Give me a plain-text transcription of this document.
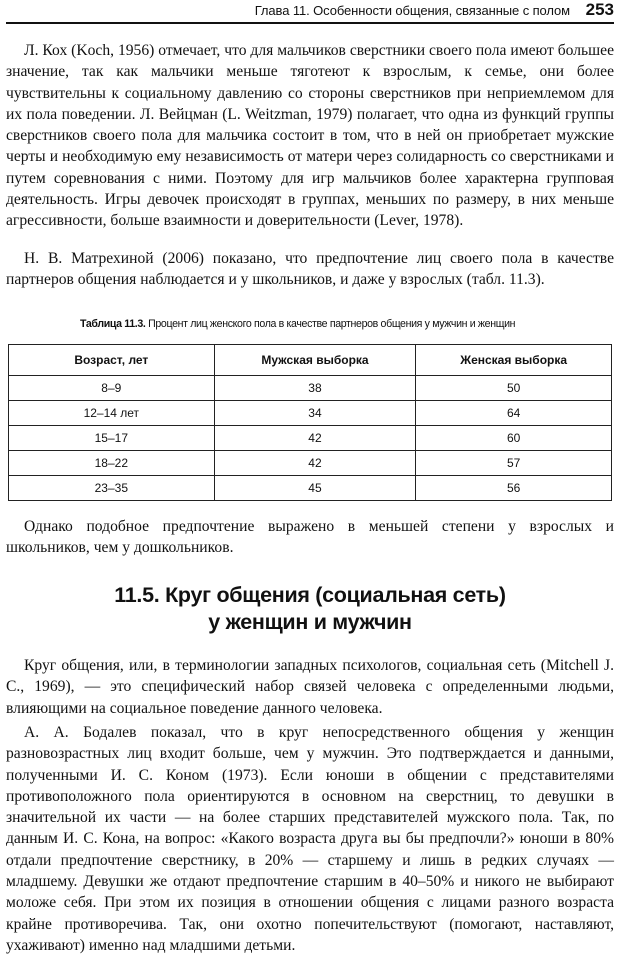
Глава 11. Особенности общения, связанные с полом 253

Л. Кох (Koch, 1956) отмечает, что для мальчиков сверстники своего пола имеют большее значение, так как мальчики меньше тяготеют к взрослым, к семье, они более чувствительны к социальному давлению со стороны сверстников при неприемлемом для их пола поведении. Л. Вейцман (L. Weitzman, 1979) полагает, что одна из функций группы сверстников своего пола для мальчика состоит в том, что в ней он приобретает мужские черты и необходимую ему независимость от матери через солидарность со сверстниками и путем соревнования с ними. Поэтому для игр мальчиков более характерна групповая деятельность. Игры девочек происходят в группах, меньших по размеру, в них меньше агрессивности, больше взаимности и доверительности (Lever, 1978).

Н. В. Матрехиной (2006) показано, что предпочтение лиц своего пола в качестве партнеров общения наблюдается и у школьников, и даже у взрослых (табл. 11.3).

Таблица 11.3. Процент лиц женского пола в качестве партнеров общения у мужчин и женщин
Возраст, лет	Мужская выборка	Женская выборка
8–9	38	50
12–14 лет	34	64
15–17	42	60
18–22	42	57
23–35	45	56

Однако подобное предпочтение выражено в меньшей степени у взрослых и школьников, чем у дошкольников.

11.5. Круг общения (социальная сеть)
у женщин и мужчин

Круг общения, или, в терминологии западных психологов, социальная сеть (Mitchell J. C., 1969), — это специфический набор связей человека с определенными людьми, влияющими на социальное поведение данного человека.

А. А. Бодалев показал, что в круг непосредственного общения у женщин разновозрастных лиц входит больше, чем у мужчин. Это подтверждается и данными, полученными И. С. Коном (1973). Если юноши в общении с представителями противоположного пола ориентируются в основном на сверстниц, то девушки в значительной их части — на более старших представителей мужского пола. Так, по данным И. С. Кона, на вопрос: «Какого возраста друга вы бы предпочли?» юноши в 80% отдали предпочтение сверстнику, в 20% — старшему и лишь в редких случаях — младшему. Девушки же отдают предпочтение старшим в 40–50% и никого не выбирают моложе себя. При этом их позиция в отношении общения с лицами разного возраста крайне противоречива. Так, они охотно попечительствуют (помогают, наставляют, ухаживают) именно над младшими детьми.
